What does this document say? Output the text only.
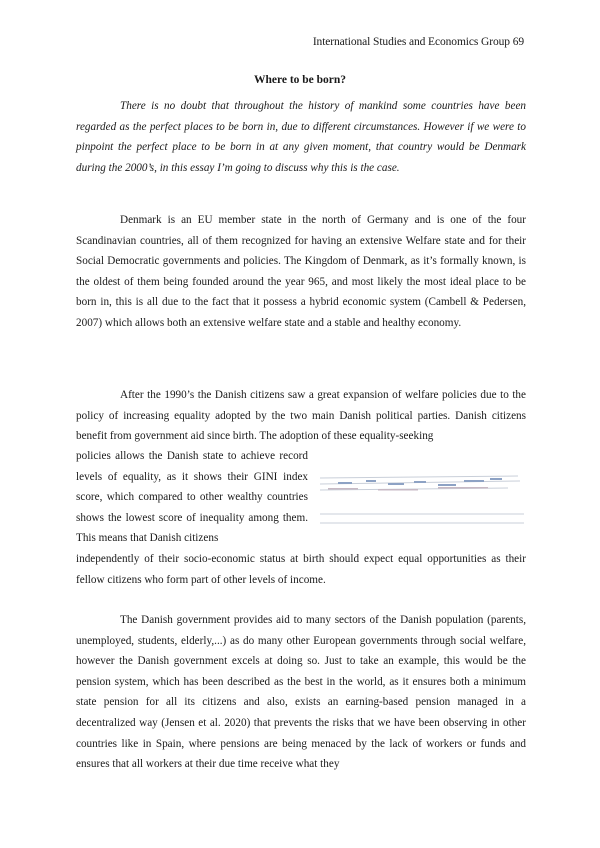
International Studies and Economics Group 69
Where to be born?

There is no doubt that throughout the history of mankind some countries have been regarded as the perfect places to be born in, due to different circumstances. However if we were to pinpoint the perfect place to be born in at any given moment, that country would be Denmark during the 2000’s, in this essay I’m going to discuss why this is the case.

Denmark is an EU member state in the north of Germany and is one of the four Scandinavian countries, all of them recognized for having an extensive Welfare state and for their Social Democratic governments and policies. The Kingdom of Denmark, as it’s formally known, is the oldest of them being founded around the year 965, and most likely the most ideal place to be born in, this is all due to the fact that it possess a hybrid economic system (Cambell & Pedersen, 2007) which allows both an extensive welfare state and a stable and healthy economy.

After the 1990’s the Danish citizens saw a great expansion of welfare policies due to the policy of increasing equality adopted by the two main Danish political parties. Danish citizens benefit from government aid since birth. The adoption of these equality-seeking

policies allows the Danish state to achieve record levels of equality, as it shows their GINI index score, which compared to other wealthy countries shows the lowest score of inequality among them. This means that Danish citizens

independently of their socio-economic status at birth should expect equal opportunities as their fellow citizens who form part of other levels of income.

The Danish government provides aid to many sectors of the Danish population (parents, unemployed, students, elderly,...) as do many other European governments through social welfare, however the Danish government excels at doing so. Just to take an example, this would be the pension system, which has been described as the best in the world, as it ensures both a minimum state pension for all its citizens and also, exists an earning-based pension managed in a decentralized way (Jensen et al. 2020) that prevents the risks that we have been observing in other countries like in Spain, where pensions are being menaced by the lack of workers or funds and ensures that all workers at their due time receive what they
